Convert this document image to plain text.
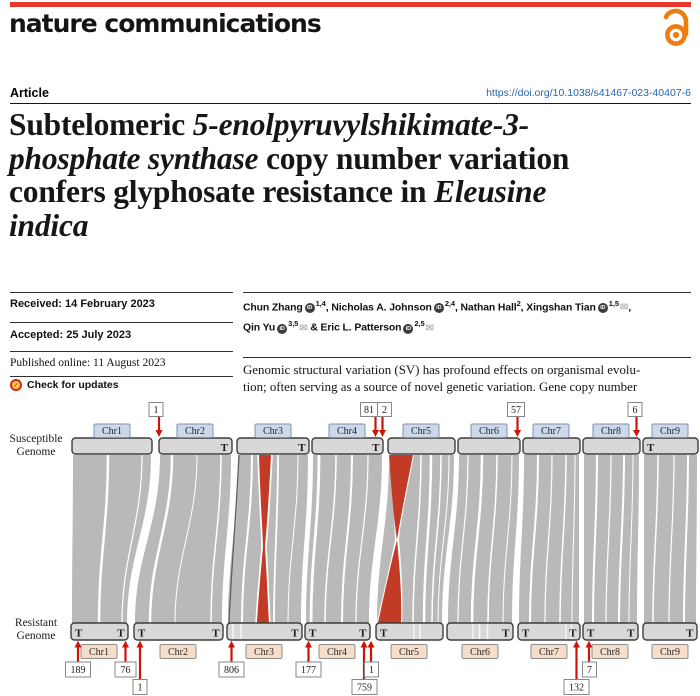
nature communications
Article	https://doi.org/10.1038/s41467-023-40407-6
Subtelomeric 5-enolpyruvylshikimate-3-
phosphate synthase copy number variation
confers glyphosate resistance in Eleusine
indica
Received: 14 February 2023
Accepted: 25 July 2023
Published online: 11 August 2023
✓ Check for updates
Chun Zhang iD$^{1,4}$, Nicholas A. Johnson iD$^{2,4}$, Nathan Hall$^2$, Xingshan Tian iD$^{1,5}$✉,
Qin Yu iD$^{3,5}$✉ & Eric L. Patterson iD$^{2,5}$✉
Genomic structural variation (SV) has profound effects on organismal evolu-
tion; often serving as a source of novel genetic variation. Gene copy number
T	T	T	T
T	T T	T	T T	T T	T T	T T	T	T
Chr1	Chr2	Chr3	Chr4	Chr5	Chr6	Chr7	Chr8	Chr9
Chr1	Chr2	Chr3	Chr4	Chr5	Chr6	Chr7	Chr8	Chr9
1	81 2	57	6
189	76
1
806	177
759
1
132
7
Susceptible
Genome
Resistant
Genome
